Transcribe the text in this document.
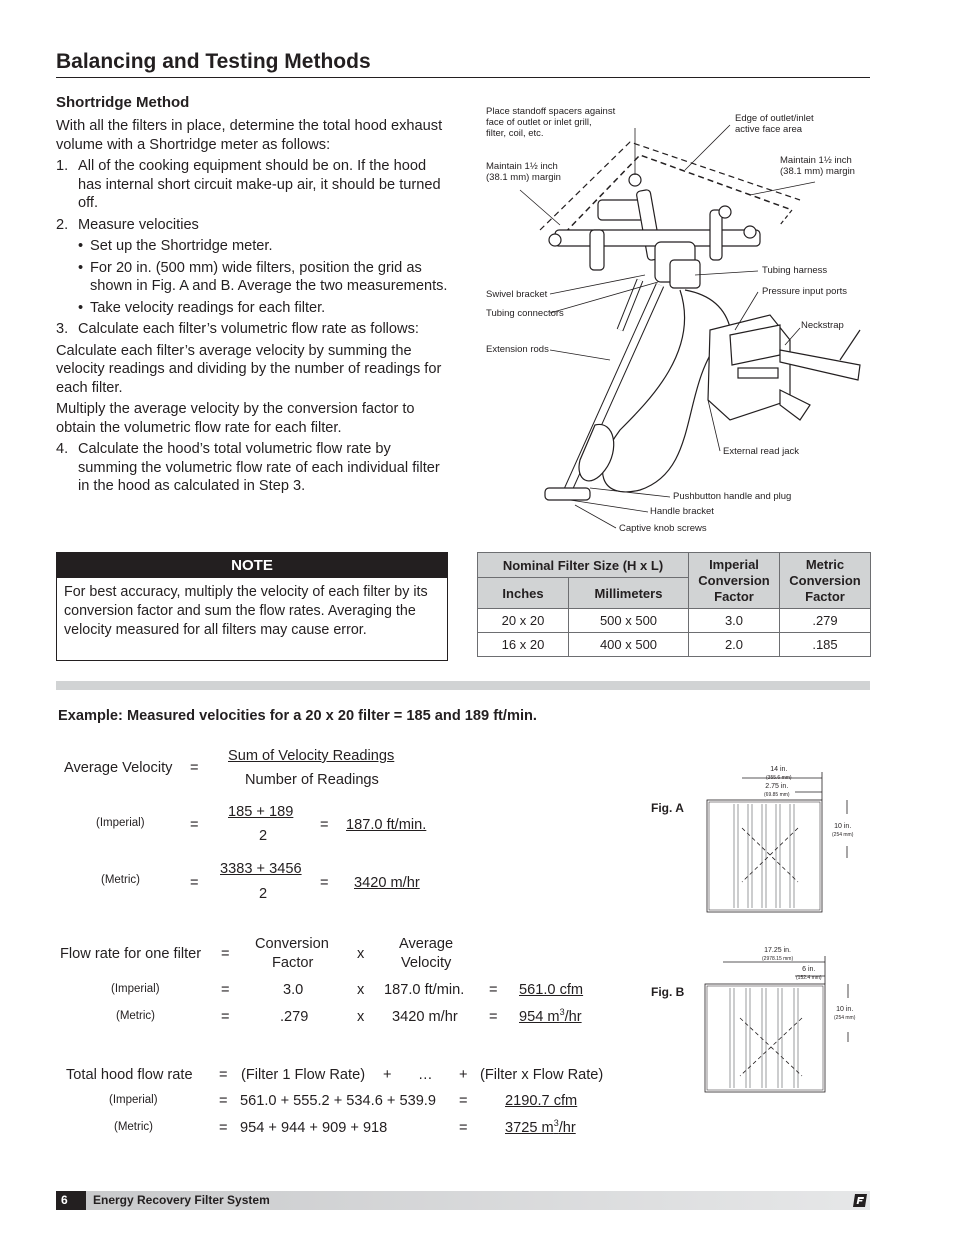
Balancing and Testing Methods
Shortridge Method

With all the filters in place, determine the total hood exhaust volume with a Shortridge meter as follows:

1. All of the cooking equipment should be on. If the hood has internal short circuit make-up air, it should be turned off.
2. Measure velocities
• Set up the Shortridge meter.
• For 20 in. (500 mm) wide filters, position the grid as shown in Fig. A and B. Average the two measurements.
• Take velocity readings for each filter.
3. Calculate each filter’s volumetric flow rate as follows:

Calculate each filter’s average velocity by summing the velocity readings and dividing by the number of readings for each filter.

Multiply the average velocity by the conversion factor to obtain the volumetric flow rate for each filter.

4. Calculate the hood’s total volumetric flow rate by summing the volumetric flow rate of each individual filter in the hood as calculated in Step 3.
NOTE
For best accuracy, multiply the velocity of each filter by its conversion factor and sum the flow rates. Averaging the velocity measured for all filters may cause error.
Place standoff spacers against
face of outlet or inlet grill,
filter, coil, etc.
Edge of outlet/inlet
active face area
Maintain 1½ inch
(38.1 mm) margin
Maintain 1½ inch
(38.1 mm) margin
Tubing harness
Swivel bracket	Pressure input ports
Tubing connectors
Neckstrap
Extension rods
External read jack
Pushbutton handle and plug
Handle bracket
Captive knob screws
Nominal Filter Size (H x L)		Imperial Conversion Factor	Metric Conversion Factor
Inches	Millimeters		
20 x 20	500 x 500	3.0	.279
16 x 20	400 x 500	2.0	.185
Example: Measured velocities for a 20 x 20 filter = 185 and 189 ft/min.
Average Velocity =
Sum of Velocity Readings
Number of Readings
(Imperial)	=
185 + 189
2
= 187.0 ft/min.
(Metric)	=
3383 + 3456
2
= 3420 m/hr
Flow rate for one filter =
Conversion
Factor
x
Average
Velocity
(Imperial)	=	3.0	x 187.0 ft/min. = 561.0 cfm
(Metric)	=	.279	x 3420 m/hr = 954 $m^3/hr$
Total hood flow rate = (Filter 1 Flow Rate) + … + (Filter x Flow Rate)
(Imperial)	= 561.0 + 555.2 + 534.6 + 539.9 =	2190.7 cfm
(Metric)	= 954 + 944 + 909 + 918	=	3725 $m^3/hr$
Fig. A
14 in.
(355.6 mm)
2.75 in.
(69.85 mm)
10 in.
(254 mm)
Fig. B
17.25 in.
(2978.15 mm)
6 in.
(152.4 mm)
10 in.
(254 mm)
6	Energy Recovery Filter System
